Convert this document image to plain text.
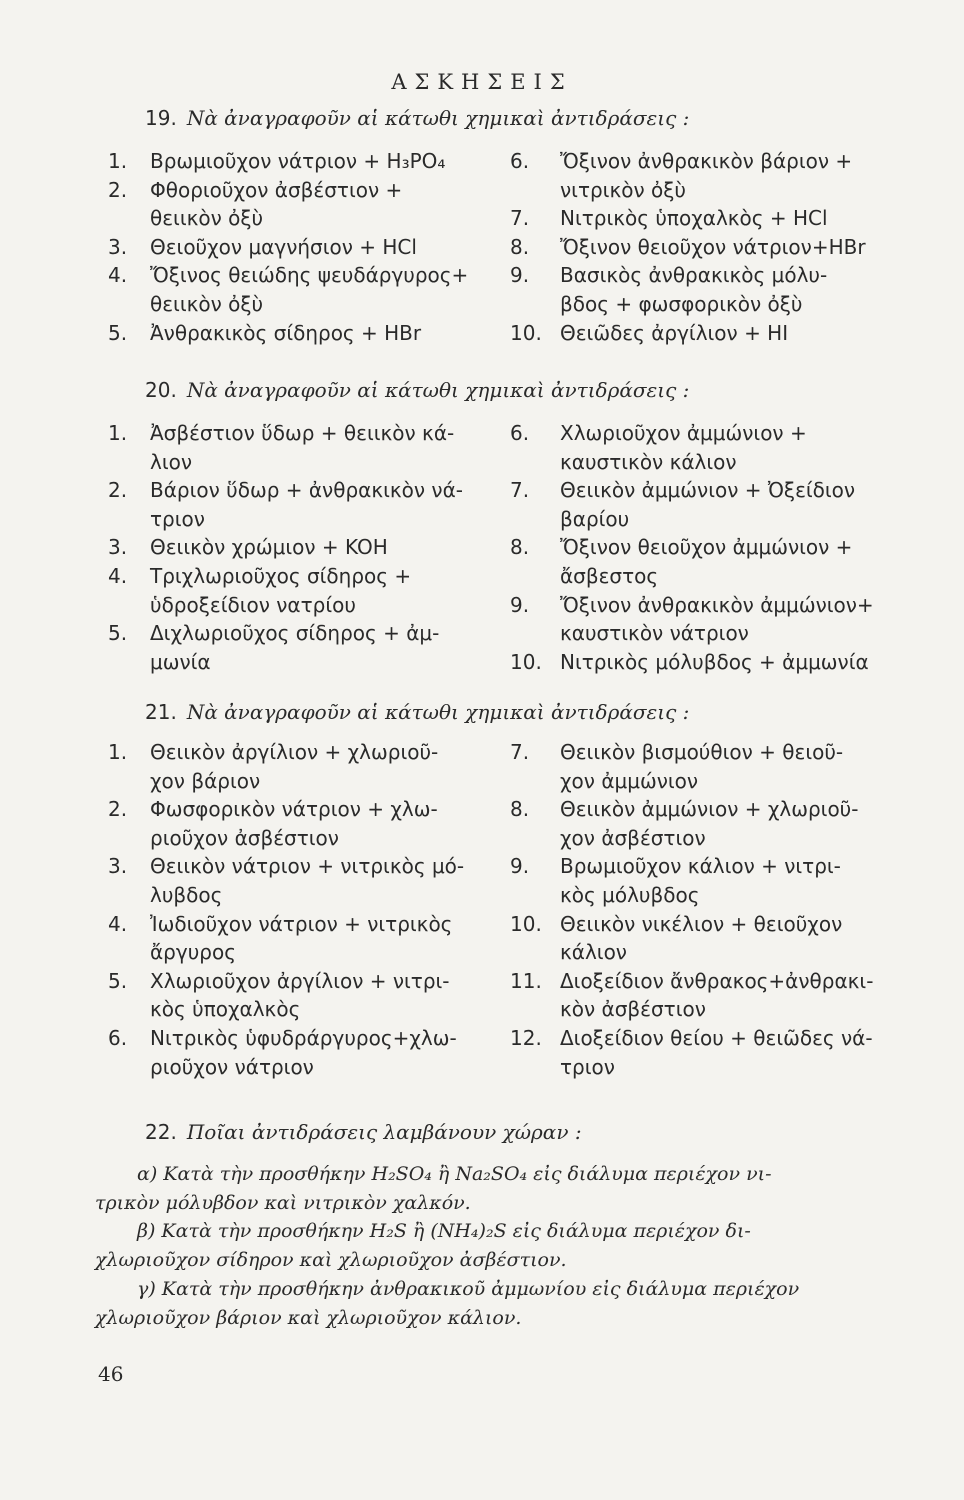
ΑΣΚΗΣΕΙΣ
19. Νὰ ἀναγραφοῦν αἱ κάτωθι χημικαὶ ἀντιδράσεις :
1. Βρωμιοῦχον νάτριον + H₃PO₄
2. Φθοριοῦχον ἀσβέστιον +
θειικὸν ὀξὺ
3. Θειοῦχον μαγνήσιον + HCl
4. Ὄξινος θειώδης ψευδάργυρος+
θειικὸν ὀξὺ
5. Ἀνθρακικὸς σίδηρος + HBr
6. Ὄξινον ἀνθρακικὸν βάριον +
νιτρικὸν ὀξὺ
7. Νιτρικὸς ὑποχαλκὸς + HCl
8. Ὄξινον θειοῦχον νάτριον+HBr
9. Βασικὸς ἀνθρακικὸς μόλυ-
βδος + φωσφορικὸν ὀξὺ
10. Θειῶδες ἀργίλιον + HI
20. Νὰ ἀναγραφοῦν αἱ κάτωθι χημικαὶ ἀντιδράσεις :
1. Ἀσβέστιον ὕδωρ + θειικὸν κά-
λιον
2. Βάριον ὕδωρ + ἀνθρακικὸν νά-
τριον
3. Θειικὸν χρώμιον + KOH
4. Τριχλωριοῦχος σίδηρος +
ὑδροξείδιον νατρίου
5. Διχλωριοῦχος σίδηρος + ἀμ-
μωνία
6. Χλωριοῦχον ἀμμώνιον +
καυστικὸν κάλιον
7. Θειικὸν ἀμμώνιον + Ὀξείδιον
βαρίου
8. Ὄξινον θειοῦχον ἀμμώνιον +
ἄσβεστος
9. Ὄξινον ἀνθρακικὸν ἀμμώνιον+
καυστικὸν νάτριον
10. Νιτρικὸς μόλυβδος + ἀμμωνία
21. Νὰ ἀναγραφοῦν αἱ κάτωθι χημικαὶ ἀντιδράσεις :
1. Θειικὸν ἀργίλιον + χλωριοῦ-
χον βάριον
2. Φωσφορικὸν νάτριον + χλω-
ριοῦχον ἀσβέστιον
3. Θειικὸν νάτριον + νιτρικὸς μό-
λυβδος
4. Ἰωδιοῦχον νάτριον + νιτρικὸς
ἄργυρος
5. Χλωριοῦχον ἀργίλιον + νιτρι-
κὸς ὑποχαλκὸς
6. Νιτρικὸς ὑφυδράργυρος+χλω-
ριοῦχον νάτριον
7. Θειικὸν βισμούθιον + θειοῦ-
χον ἀμμώνιον
8. Θειικὸν ἀμμώνιον + χλωριοῦ-
χον ἀσβέστιον
9. Βρωμιοῦχον κάλιον + νιτρι-
κὸς μόλυβδος
10. Θειικὸν νικέλιον + θειοῦχον
κάλιον
11. Διοξείδιον ἄνθρακος+ἀνθρακι-
κὸν ἀσβέστιον
12. Διοξείδιον θείου + θειῶδες νά-
τριον
22. Ποῖαι ἀντιδράσεις λαμβάνουν χώραν :
α) Κατὰ τὴν προσθήκην H₂SO₄ ἢ Na₂SO₄ εἰς διάλυμα περιέχον νι-
τρικὸν μόλυβδον καὶ νιτρικὸν χαλκόν.
β) Κατὰ τὴν προσθήκην H₂S ἢ (NH₄)₂S εἰς διάλυμα περιέχον δι-
χλωριοῦχον σίδηρον καὶ χλωριοῦχον ἀσβέστιον.
γ) Κατὰ τὴν προσθήκην ἀνθρακικοῦ ἀμμωνίου εἰς διάλυμα περιέχον
χλωριοῦχον βάριον καὶ χλωριοῦχον κάλιον.
46
